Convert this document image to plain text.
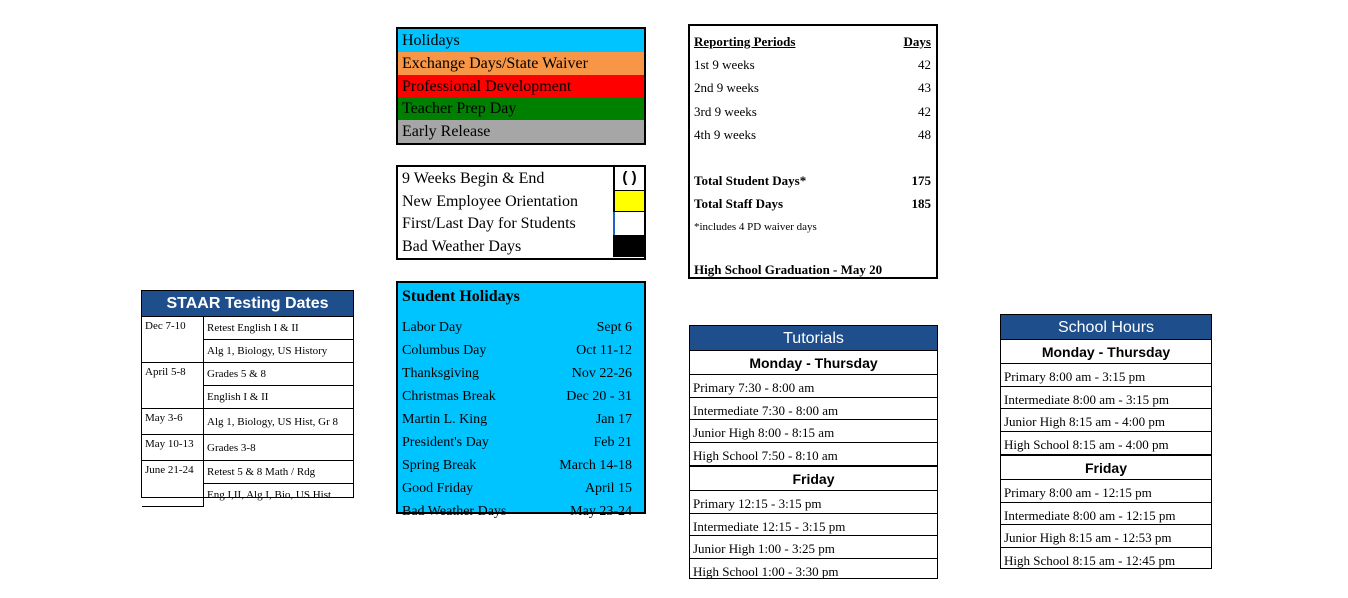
Holidays
Exchange Days/State Waiver
Professional Development
Teacher Prep Day
Early Release
9 Weeks Begin & End	( )
New Employee Orientation
First/Last Day for Students
Bad Weather Days
Student Holidays
Labor Day	Sept 6
Columbus Day	Oct 11-12
Thanksgiving	Nov 22-26
Christmas Break	Dec 20 - 31
Martin L. King	Jan 17
President's Day	Feb 21
Spring Break	March 14-18
Good Friday	April 15
Bad Weather Days	May 23-24
Reporting Periods	Days
1st 9 weeks	42
2nd 9 weeks	43
3rd 9 weeks	42
4th 9 weeks	48
Total Student Days*	175
Total Staff Days	185
*includes 4 PD waiver days
High School Graduation - May 20
STAAR Testing Dates
Dec 7-10	Retest English I & II
	Alg 1, Biology, US History
April 5-8	Grades 5 & 8
	English I & II
May 3-6	Alg 1, Biology, US Hist, Gr 8
May 10-13	Grades 3-8
June 21-24	Retest 5 & 8 Math / Rdg
	Eng I,II, Alg I, Bio, US Hist
Tutorials
Monday - Thursday
Primary 7:30 - 8:00 am
Intermediate 7:30 - 8:00 am
Junior High 8:00 - 8:15 am
High School 7:50 - 8:10 am
Friday
Primary 12:15 - 3:15 pm
Intermediate 12:15 - 3:15 pm
Junior High 1:00 - 3:25 pm
High School 1:00 - 3:30 pm
School Hours
Monday - Thursday
Primary 8:00 am - 3:15 pm
Intermediate 8:00 am - 3:15 pm
Junior High 8:15 am - 4:00 pm
High School 8:15 am - 4:00 pm
Friday
Primary 8:00 am - 12:15 pm
Intermediate 8:00 am - 12:15 pm
Junior High 8:15 am - 12:53 pm
High School 8:15 am - 12:45 pm
